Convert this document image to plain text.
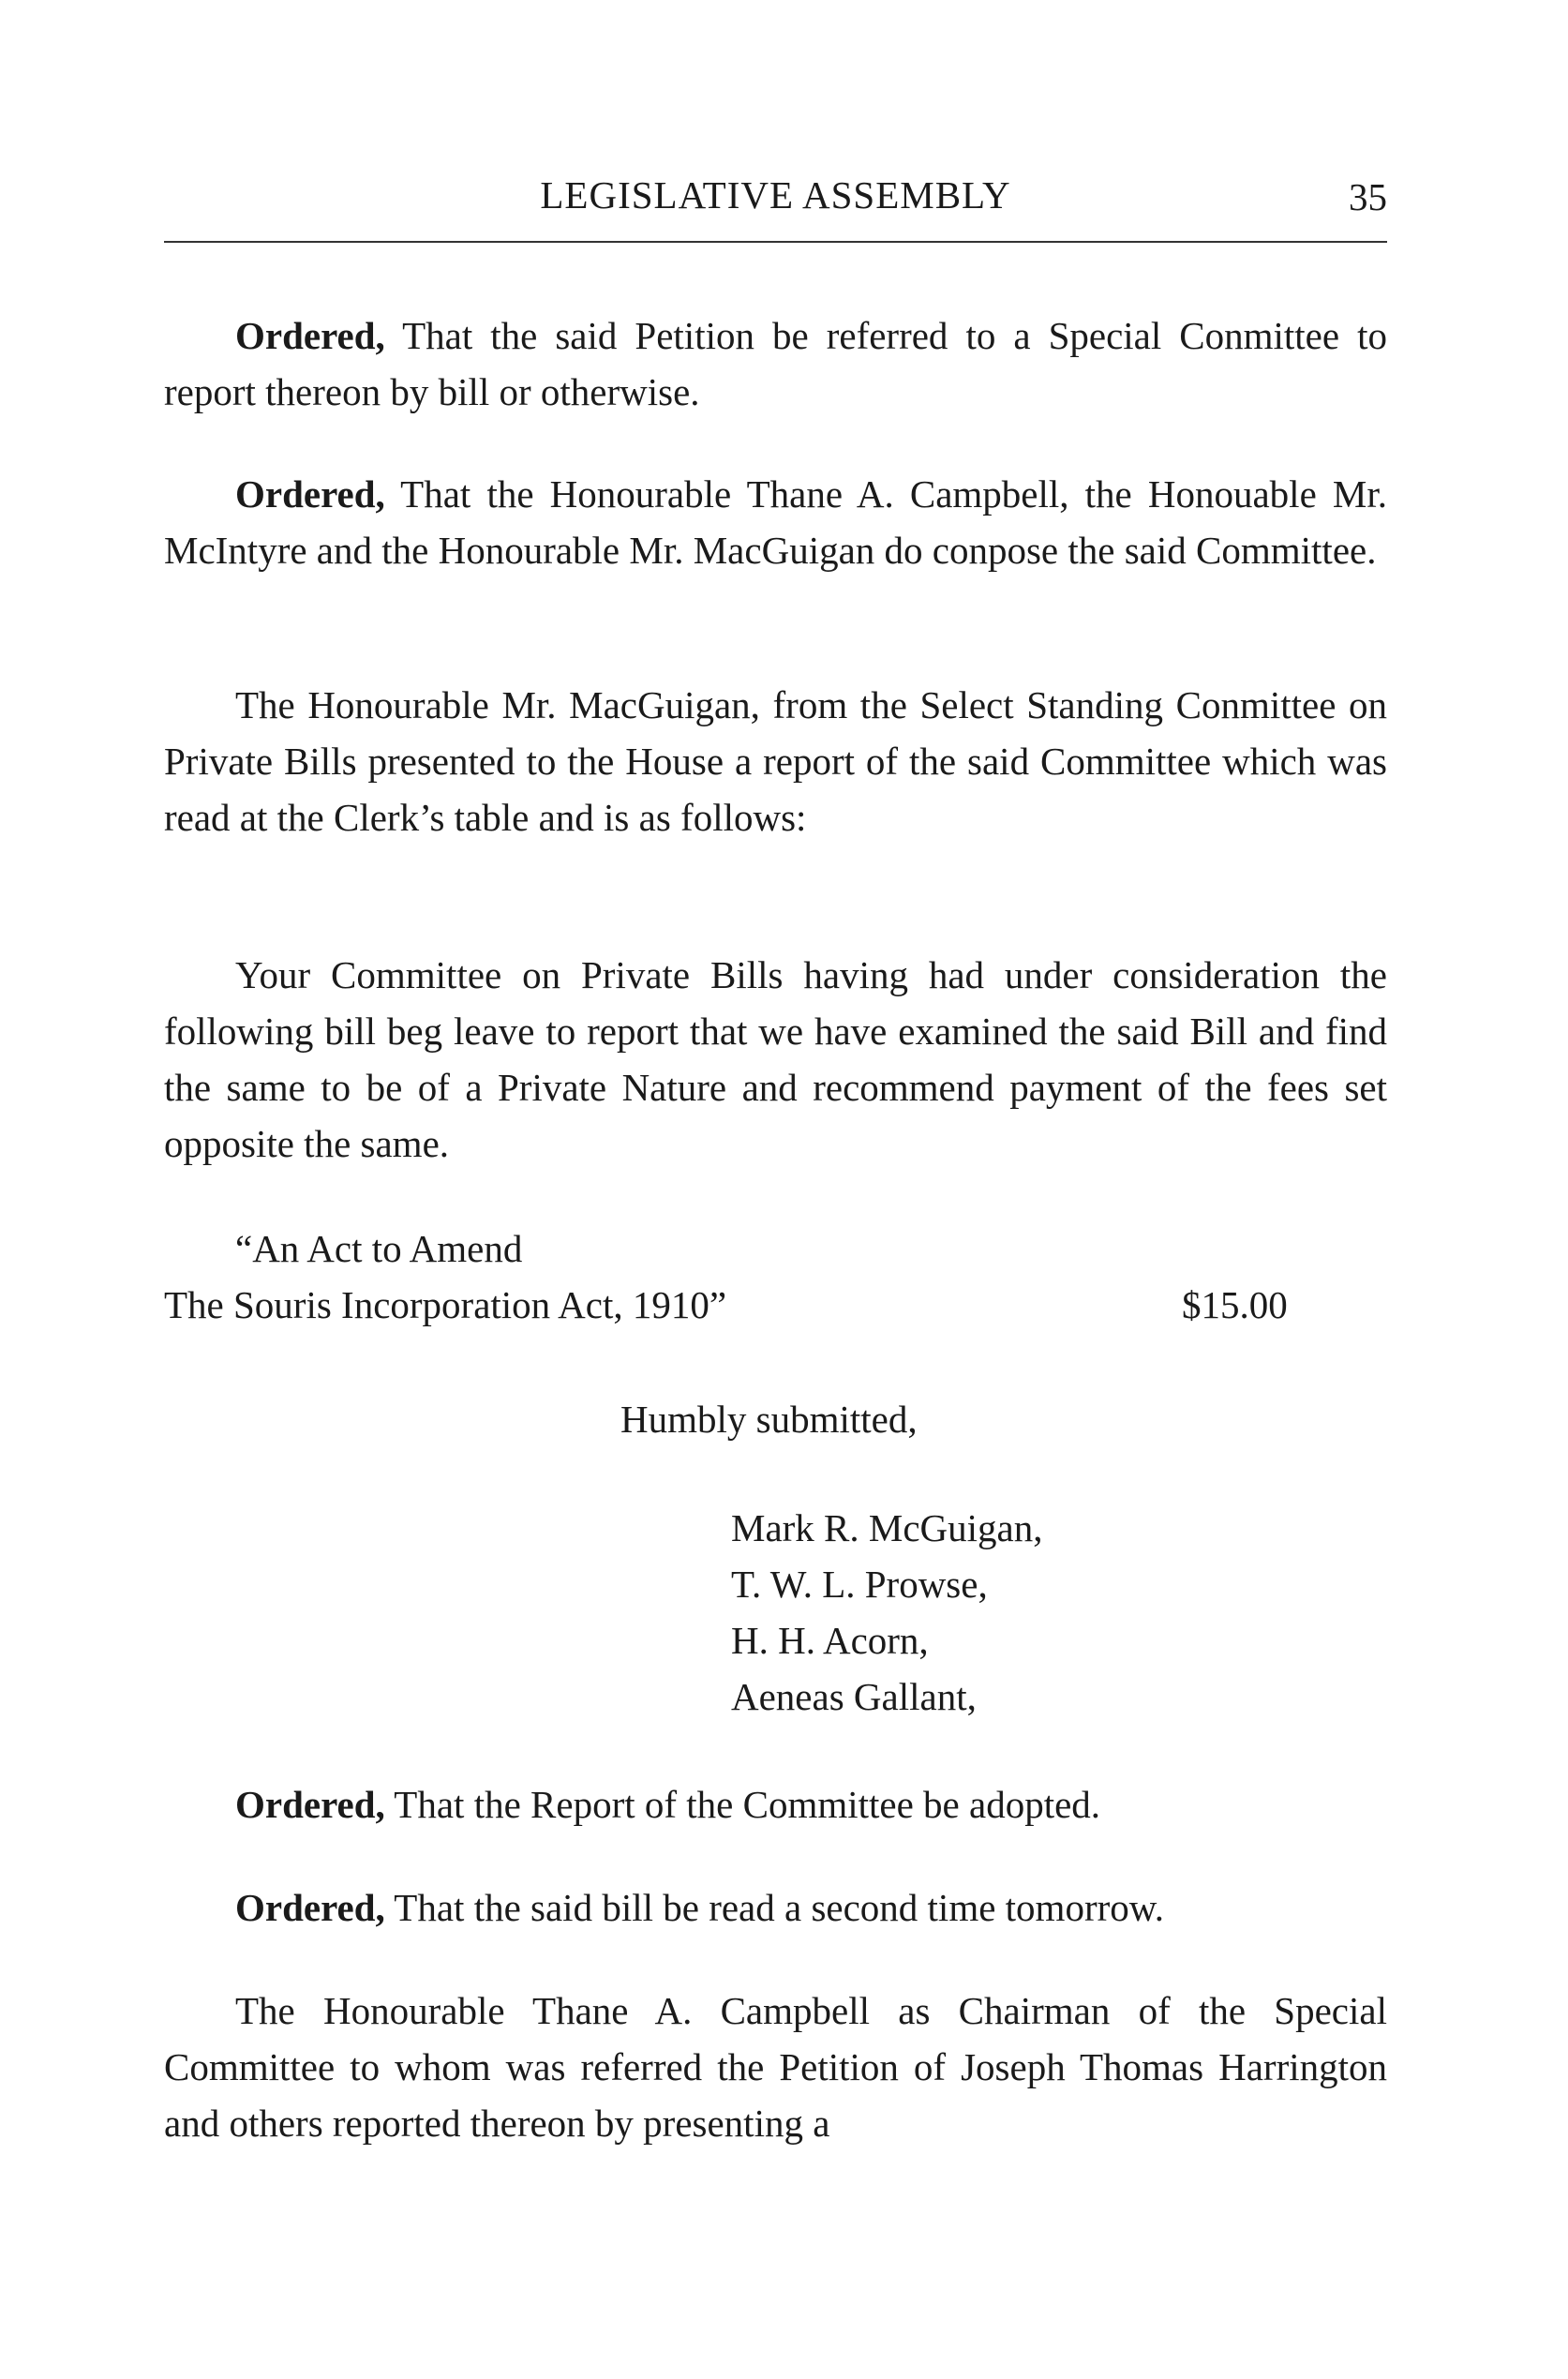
LEGISLATIVE ASSEMBLY	35

Ordered, That the said Petition be referred to a Special Conmittee to report thereon by bill or otherwise.

Ordered, That the Honourable Thane A. Campbell, the Honouable Mr. McIntyre and the Honourable Mr. MacGuigan do conpose the said Committee.

The Honourable Mr. MacGuigan, from the Select Standing Conmittee on Private Bills presented to the House a report of the said Committee which was read at the Clerk’s table and is as follows:

Your Committee on Private Bills having had under consideration the following bill beg leave to report that we have examined the said Bill and find the same to be of a Private Nature and recommend payment of the fees set opposite the same.

“An Act to Amend
The Souris Incorporation Act, 1910”	$15.00
Humbly submitted,
Mark R. McGuigan,
T. W. L. Prowse,
H. H. Acorn,
Aeneas Gallant,
Ordered, That the Report of the Committee be adopted.
Ordered, That the said bill be read a second time tomorrow.

The Honourable Thane A. Campbell as Chairman of the Special Committee to whom was referred the Petition of Joseph Thomas Harrington and others reported thereon by presenting a
